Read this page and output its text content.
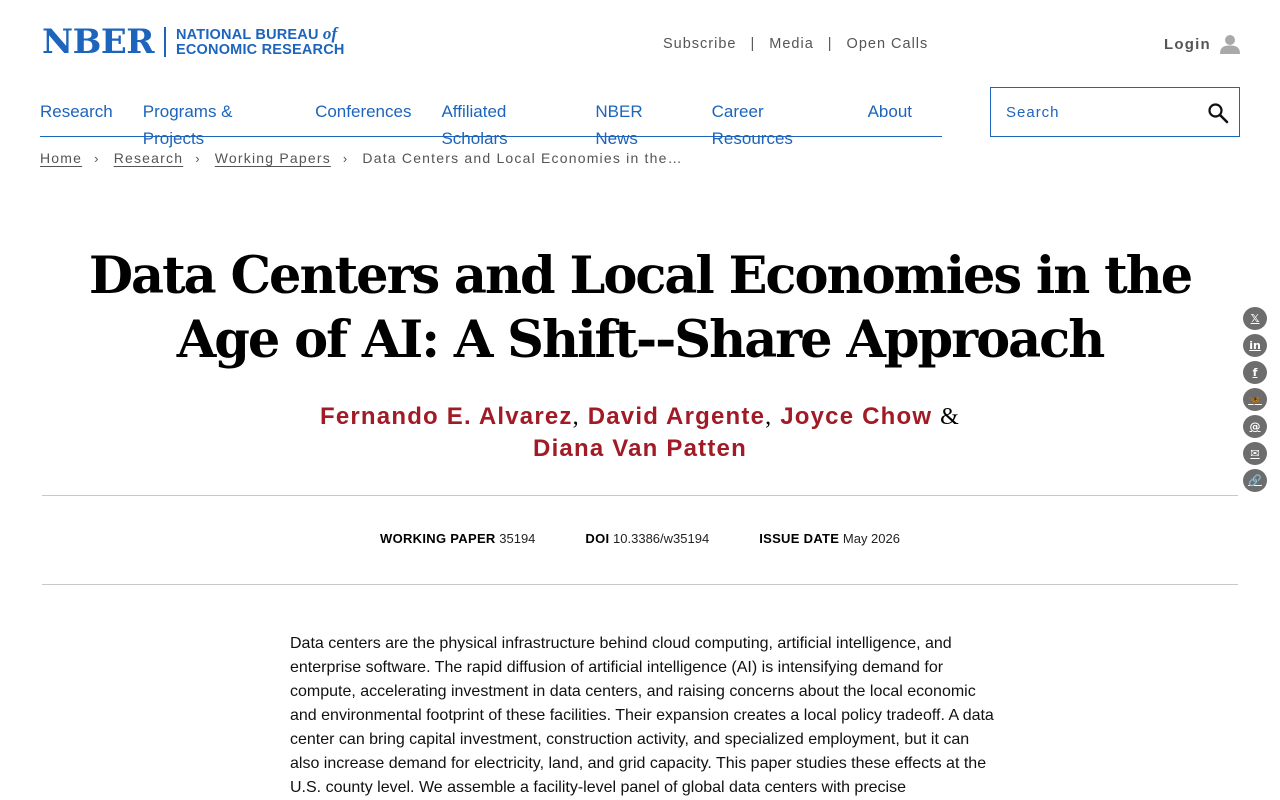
NBER NATIONAL BUREAU of
ECONOMIC RESEARCH	Subscribe | Media | Open Calls	Login
Research Programs & Projects
Conferences Affiliated Scholars
NBER News
Career Resources
About
Search
Home › Research › Working Papers › Data Centers and Local Economies in the…
Data Centers and Local Economies in the Age of AI: A Shift--Share Approach
Fernando E. Alvarez, David Argente, Joyce Chow &
Diana Van Patten
𝕏
in
f
🦋
@
✉
🔗
WORKING PAPER 35194	DOI 10.3386/w35194	ISSUE DATE May 2026

Data centers are the physical infrastructure behind cloud computing, artificial intelligence, and enterprise software. The rapid diffusion of artificial intelligence (AI) is intensifying demand for compute, accelerating investment in data centers, and raising concerns about the local economic and environmental footprint of these facilities. Their expansion creates a local policy tradeoff. A data center can bring capital investment, construction activity, and specialized employment, but it can also increase demand for electricity, land, and grid capacity. This paper studies these effects at the U.S. county level. We assemble a facility-level panel of global data centers with precise
